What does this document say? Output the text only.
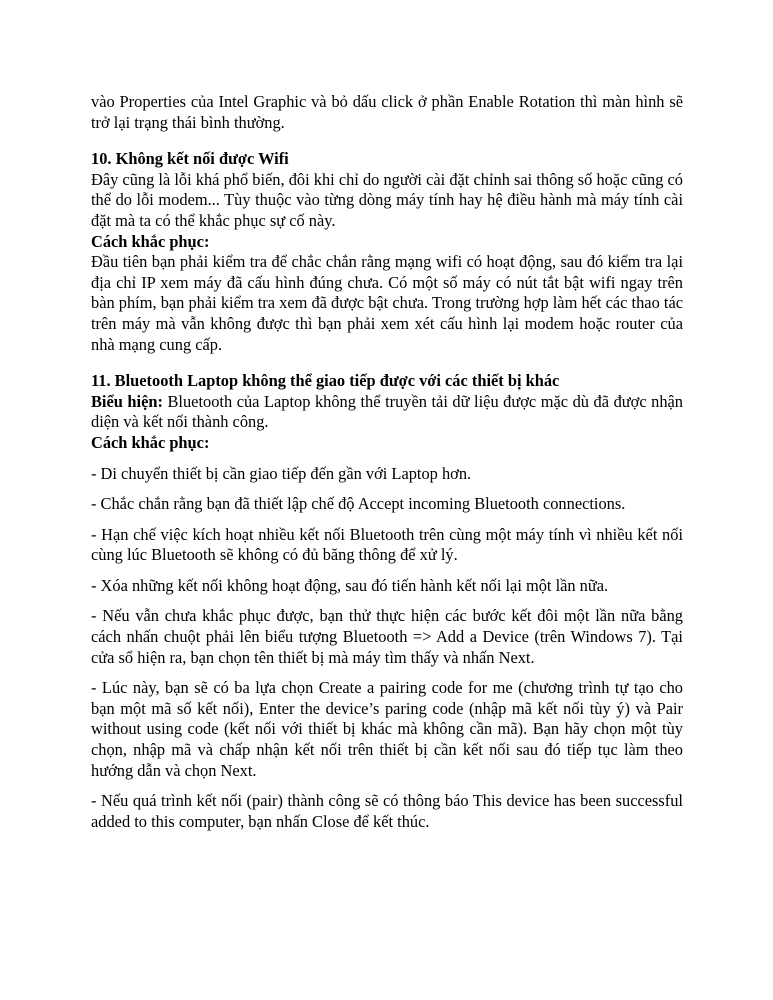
vào Properties của Intel Graphic và bỏ dấu click ở phần Enable Rotation thì màn hình sẽ trở lại trạng thái bình thường.

10. Không kết nối được Wifi

Đây cũng là lỗi khá phổ biến, đôi khi chỉ do người cài đặt chỉnh sai thông số hoặc cũng có thể do lỗi modem... Tùy thuộc vào từng dòng máy tính hay hệ điều hành mà máy tính cài đặt mà ta có thể khắc phục sự cố này.

Cách khắc phục:

Đầu tiên bạn phải kiểm tra để chắc chắn rằng mạng wifi có hoạt động, sau đó kiểm tra lại địa chỉ IP xem máy đã cấu hình đúng chưa. Có một số máy có nút tắt bật wifi ngay trên bàn phím, bạn phải kiểm tra xem đã được bật chưa. Trong trường hợp làm hết các thao tác trên máy mà vẫn không được thì bạn phải xem xét cấu hình lại modem hoặc router của nhà mạng cung cấp.

11. Bluetooth Laptop không thể giao tiếp được với các thiết bị khác

Biểu hiện: Bluetooth của Laptop không thể truyền tải dữ liệu được mặc dù đã được nhận diện và kết nối thành công.

Cách khắc phục:

- Di chuyển thiết bị cần giao tiếp đến gần với Laptop hơn.

- Chắc chắn rằng bạn đã thiết lập chế độ Accept incoming Bluetooth connections.

- Hạn chế việc kích hoạt nhiều kết nối Bluetooth trên cùng một máy tính vì nhiều kết nối cùng lúc Bluetooth sẽ không có đủ băng thông để xử lý.

- Xóa những kết nối không hoạt động, sau đó tiến hành kết nối lại một lần nữa.

- Nếu vẫn chưa khắc phục được, bạn thử thực hiện các bước kết đôi một lần nữa bằng cách nhấn chuột phải lên biểu tượng Bluetooth => Add a Device (trên Windows 7). Tại cửa sổ hiện ra, bạn chọn tên thiết bị mà máy tìm thấy và nhấn Next.

- Lúc này, bạn sẽ có ba lựa chọn Create a pairing code for me (chương trình tự tạo cho bạn một mã số kết nối), Enter the device’s paring code (nhập mã kết nối tùy ý) và Pair without using code (kết nối với thiết bị khác mà không cần mã). Bạn hãy chọn một tùy chọn, nhập mã và chấp nhận kết nối trên thiết bị cần kết nối sau đó tiếp tục làm theo hướng dẫn và chọn Next.

- Nếu quá trình kết nối (pair) thành công sẽ có thông báo This device has been successful added to this computer, bạn nhấn Close để kết thúc.
